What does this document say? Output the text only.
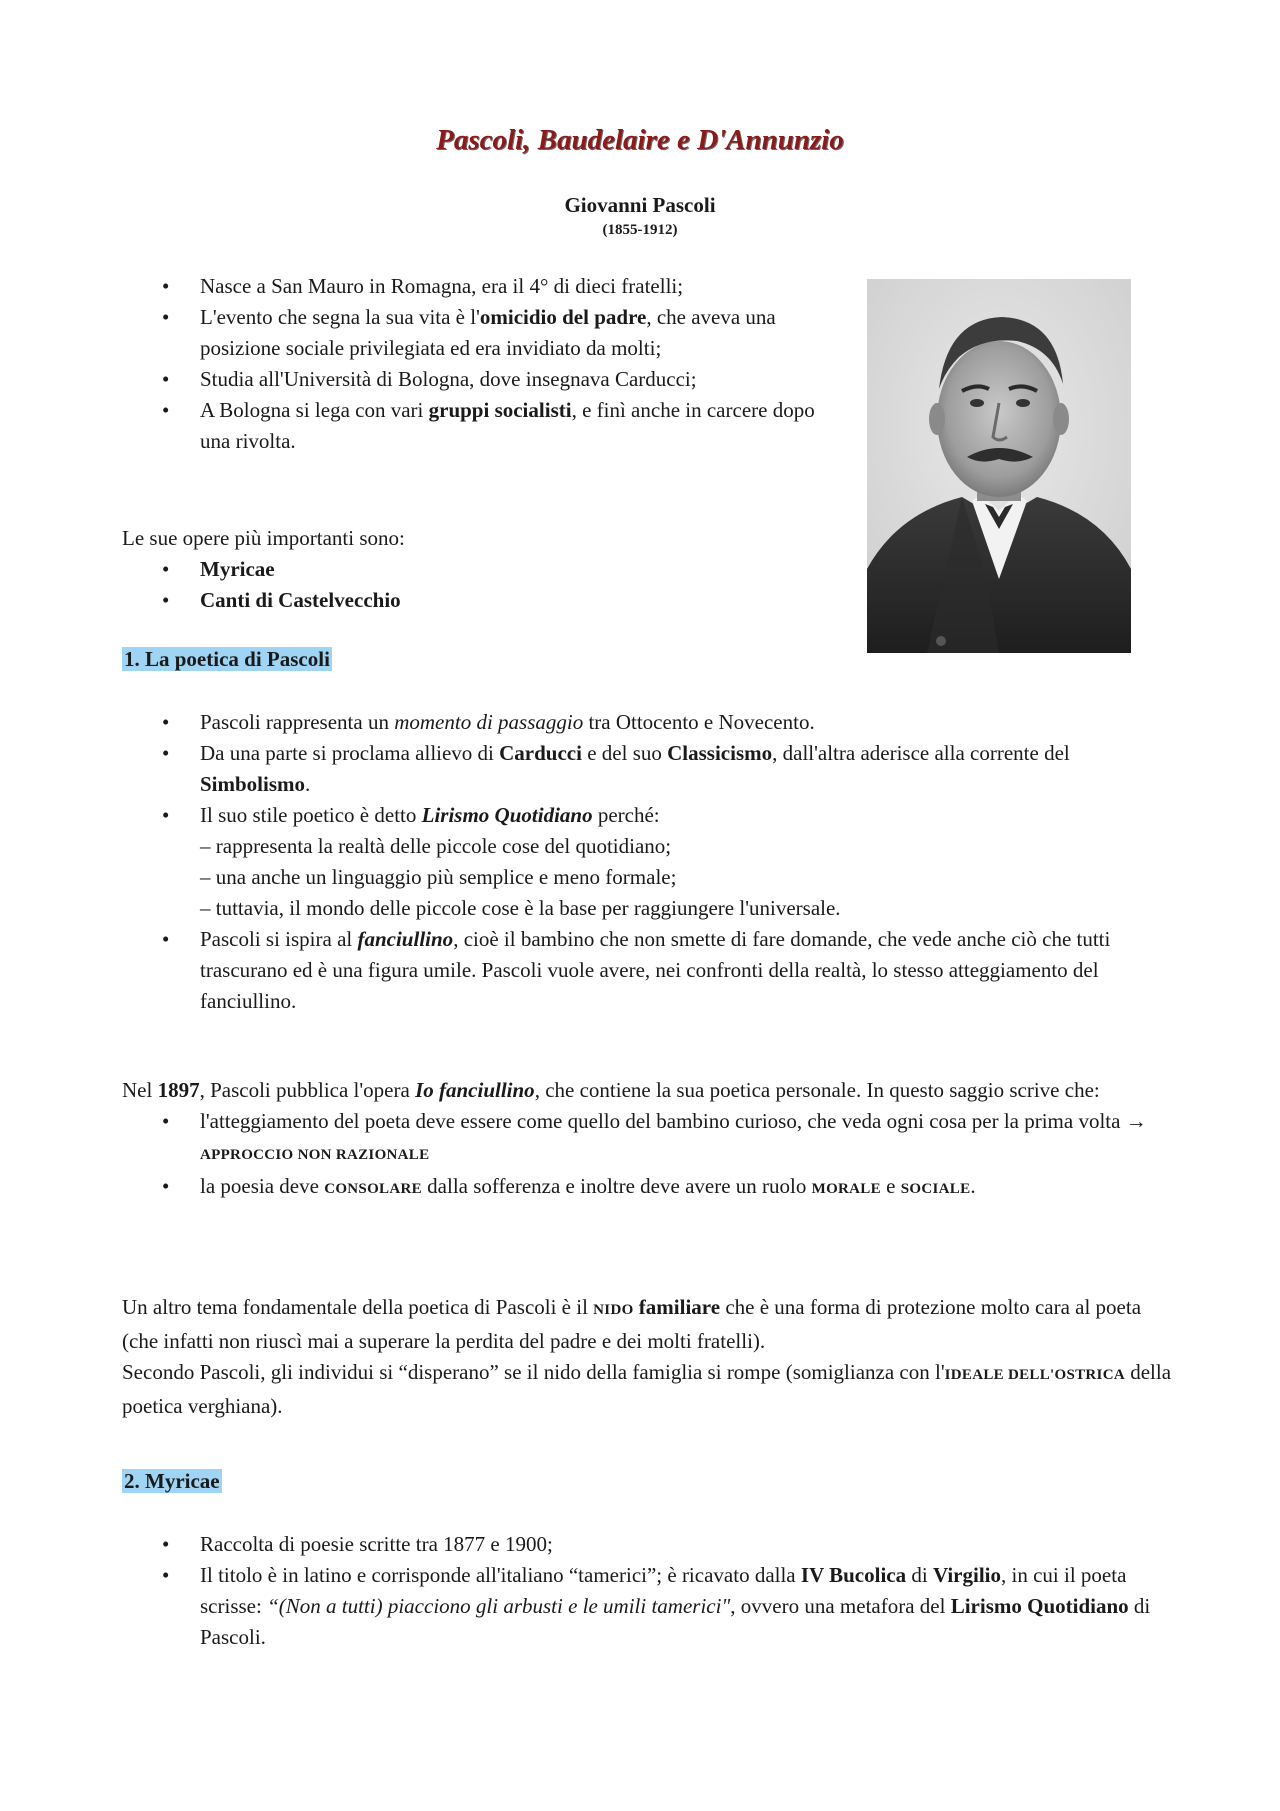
Pascoli, Baudelaire e D'Annunzio

Giovanni Pascoli

(1855-1912)

• Nasce a San Mauro in Romagna, era il 4° di dieci fratelli;
• L'evento che segna la sua vita è l'omicidio del padre, che aveva una posizione sociale privilegiata ed era invidiato da molti;
• Studia all'Università di Bologna, dove insegnava Carducci;
• A Bologna si lega con vari gruppi socialisti, e finì anche in carcere dopo una rivolta.

Le sue opere più importanti sono:

• Myricae
• Canti di Castelvecchio
1. La poetica di Pascoli
• Pascoli rappresenta un momento di passaggio tra Ottocento e Novecento.
• Da una parte si proclama allievo di Carducci e del suo Classicismo, dall'altra aderisce alla corrente del Simbolismo.
• Il suo stile poetico è detto Lirismo Quotidiano perché:
– rappresenta la realtà delle piccole cose del quotidiano;
– una anche un linguaggio più semplice e meno formale;
– tuttavia, il mondo delle piccole cose è la base per raggiungere l'universale.
• Pascoli si ispira al fanciullino, cioè il bambino che non smette di fare domande, che vede anche ciò che tutti trascurano ed è una figura umile. Pascoli vuole avere, nei confronti della realtà, lo stesso atteggiamento del fanciullino.

Nel 1897, Pascoli pubblica l'opera Io fanciullino, che contiene la sua poetica personale. In questo saggio scrive che:

• l'atteggiamento del poeta deve essere come quello del bambino curioso, che veda ogni cosa per la prima volta → APPROCCIO NON RAZIONALE
• la poesia deve CONSOLARE dalla sofferenza e inoltre deve avere un ruolo MORALE e SOCIALE.

Un altro tema fondamentale della poetica di Pascoli è il NIDO familiare che è una forma di protezione molto cara al poeta (che infatti non riuscì mai a superare la perdita del padre e dei molti fratelli).

Secondo Pascoli, gli individui si “disperano” se il nido della famiglia si rompe (somiglianza con l'IDEALE DELL'OSTRICA della poetica verghiana).

2. Myricae
• Raccolta di poesie scritte tra 1877 e 1900;
• Il titolo è in latino e corrisponde all'italiano “tamerici”; è ricavato dalla IV Bucolica di Virgilio, in cui il poeta scrisse: “(Non a tutti) piacciono gli arbusti e le umili tamerici", ovvero una metafora del Lirismo Quotidiano di Pascoli.
